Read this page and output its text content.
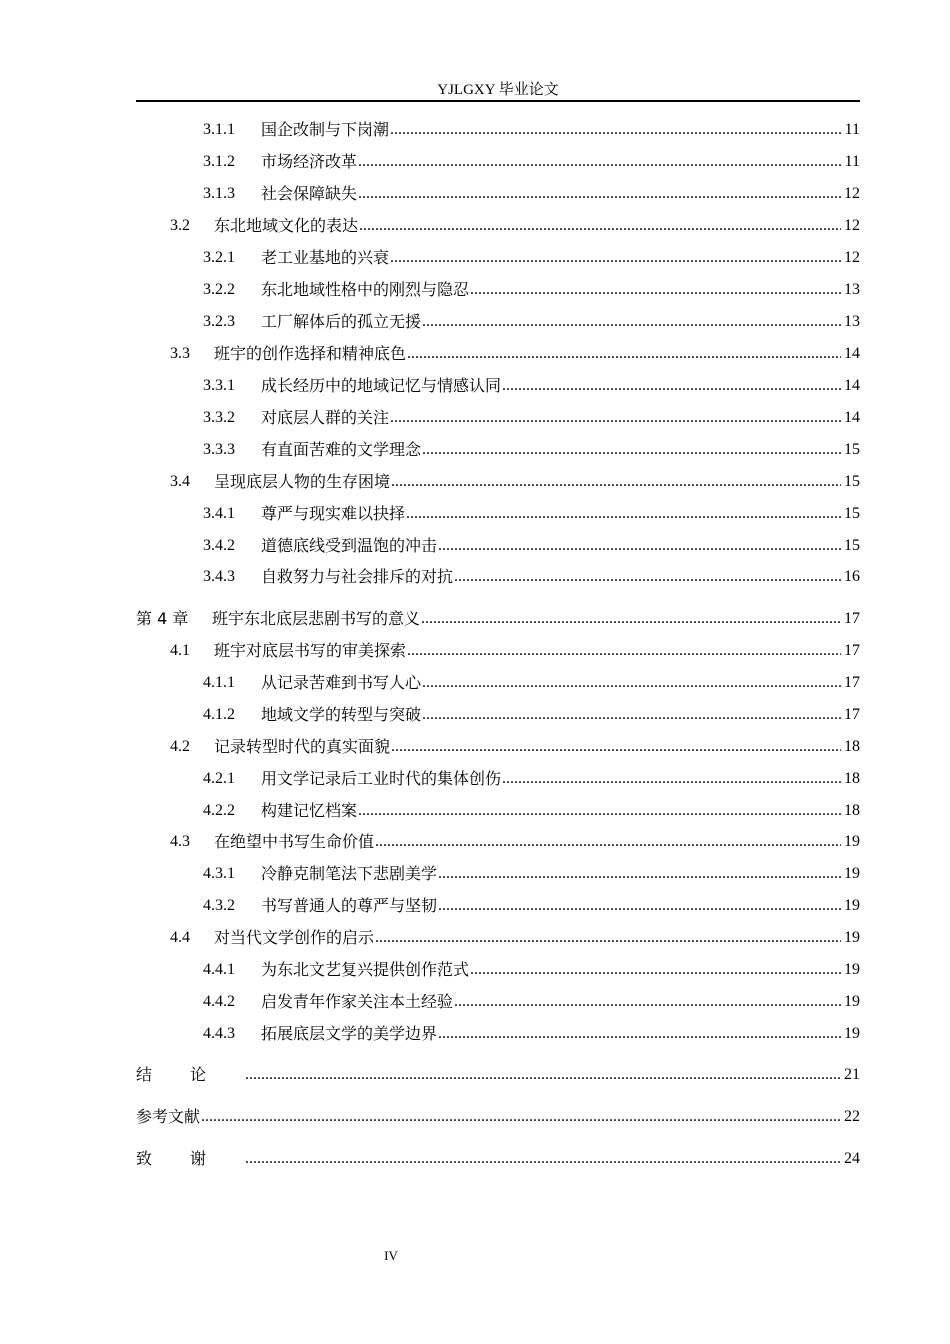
YJLGXY 毕业论文
3.1.1	国企改制与下岗潮 .....	11
3.1.2	市场经济改革 .....	11
3.1.3	社会保障缺失 .....	12
3.2	东北地域文化的表达 .....	12
3.2.1	老工业基地的兴衰 .....	12
3.2.2	东北地域性格中的刚烈与隐忍 .....	13
3.2.3	工厂解体后的孤立无援 .....	13
3.3	班宇的创作选择和精神底色 .....	14
3.3.1	成长经历中的地域记忆与情感认同 .....	14
3.3.2	对底层人群的关注 .....	14
3.3.3	有直面苦难的文学理念 .....	15
3.4	呈现底层人物的生存困境 .....	15
3.4.1	尊严与现实难以抉择 .....	15
3.4.2	道德底线受到温饱的冲击 .....	15
3.4.3	自救努力与社会排斥的对抗 .....	16
第 4 章	班宇东北底层悲剧书写的意义 .....	17
4.1	班宇对底层书写的审美探索 .....	17
4.1.1	从记录苦难到书写人心 .....	17
4.1.2	地域文学的转型与突破 .....	17
4.2	记录转型时代的真实面貌 .....	18
4.2.1	用文学记录后工业时代的集体创伤 .....	18
4.2.2	构建记忆档案 .....	18
4.3	在绝望中书写生命价值 .....	19
4.3.1	冷静克制笔法下悲剧美学 .....	19
4.3.2	书写普通人的尊严与坚韧 .....	19
4.4	对当代文学创作的启示 .....	19
4.4.1	为东北文艺复兴提供创作范式 .....	19
4.4.2	启发青年作家关注本土经验 .....	19
4.4.3	拓展底层文学的美学边界 .....	19
结论 .....	21
参考文献 .....	22
致谢 .....	24
IV
